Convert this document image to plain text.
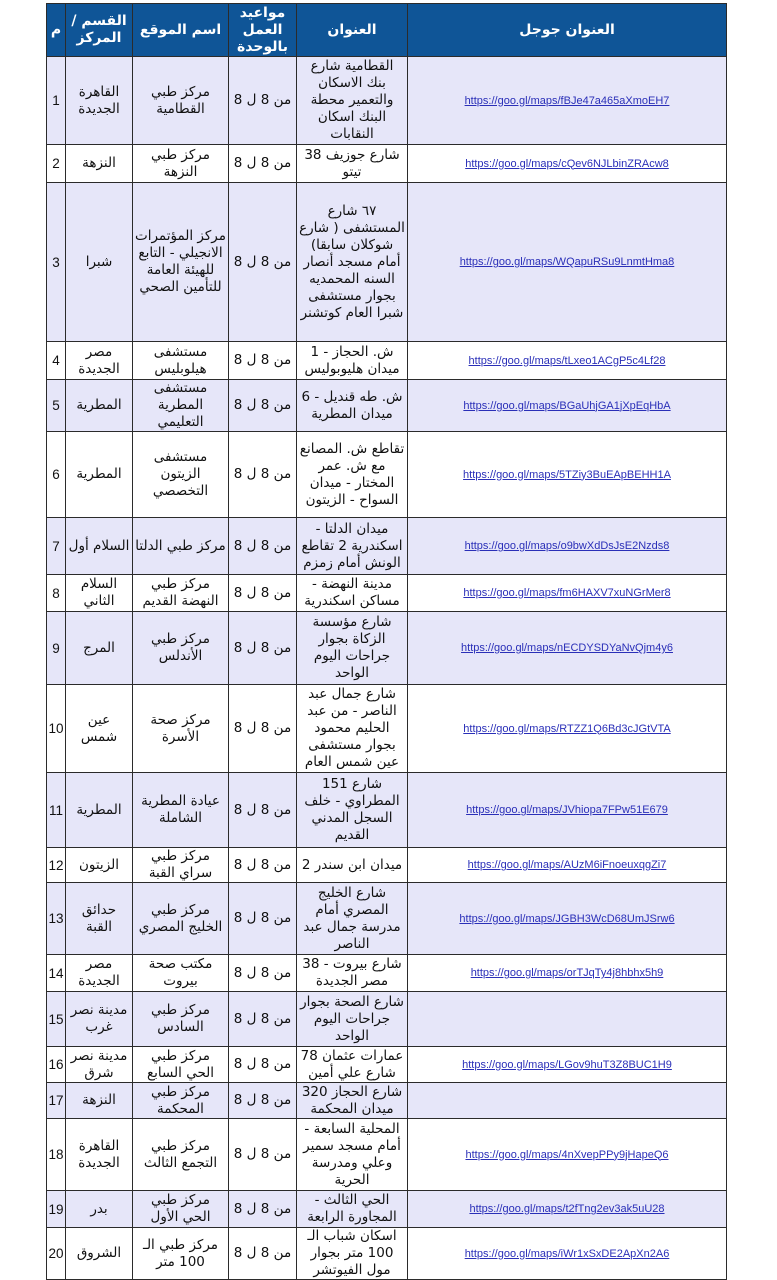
م	القسم / المركز	اسم الموقع	مواعيد العمل بالوحدة	العنوان	العنوان جوجل
1	القاهرة الجديدة	مركز طبي القطامية	من 8 ل 8	القطامية شارع بنك الاسكان والتعمير محطة البنك اسكان النقابات	https://goo.gl/maps/fBJe47a465aXmoEH7
2	النزهة	مركز طبي النزهة	من 8 ل 8	شارع جوزيف 38 تيتو	https://goo.gl/maps/cQev6NJLbinZRAcw8
3	شبرا	مركز المؤتمرات الانجيلي - التابع للهيئة العامة للتأمين الصحي	من 8 ل 8	٦٧ شارع المستشفى ( شارع شوكلان سابقا) أمام مسجد أنصار السنه المحمديه بجوار مستشفى شبرا العام كوتشنر	https://goo.gl/maps/WQapuRSu9LnmtHma8
4	مصر الجديدة	مستشفى هيلوبليس	من 8 ل 8	ش. الحجاز - 1 ميدان هليوبوليس	https://goo.gl/maps/tLxeo1ACgP5c4Lf28
5	المطرية	مستشفى المطرية التعليمي	من 8 ل 8	ش. طه قنديل - 6 ميدان المطرية	https://goo.gl/maps/BGaUhjGA1jXpEqHbA
6	المطرية	مستشفى الزيتون التخصصي	من 8 ل 8	تقاطع ش. المصانع مع ش. عمر المختار - ميدان السواح - الزيتون	https://goo.gl/maps/5TZiy3BuEApBEHH1A
7	السلام أول	مركز طبي الدلتا	من 8 ل 8	ميدان الدلتا - اسكندرية 2 تقاطع الونش أمام زمزم	https://goo.gl/maps/o9bwXdDsJsE2Nzds8
8	السلام الثاني	مركز طبي النهضة القديم	من 8 ل 8	مدينة النهضة - مساكن اسكندرية	https://goo.gl/maps/fm6HAXV7xuNGrMer8
9	المرج	مركز طبي الأندلس	من 8 ل 8	شارع مؤسسة الزكاة بجوار جراحات اليوم الواحد	https://goo.gl/maps/nECDYSDYaNvQjm4y6
10	عين شمس	مركز صحة الأسرة	من 8 ل 8	شارع جمال عبد الناصر - من عبد الحليم محمود بجوار مستشفى عين شمس العام	https://goo.gl/maps/RTZZ1Q6Bd3cJGtVTA
11	المطرية	عيادة المطرية الشاملة	من 8 ل 8	شارع 151 المطراوي - خلف السجل المدني القديم	https://goo.gl/maps/JVhiopa7FPw51E679
12	الزيتون	مركز طبي سراي القبة	من 8 ل 8	ميدان ابن سندر 2	https://goo.gl/maps/AUzM6iFnoeuxqgZi7
13	حدائق القبة	مركز طبي الخليج المصري	من 8 ل 8	شارع الخليج المصري أمام مدرسة جمال عبد الناصر	https://goo.gl/maps/JGBH3WcD68UmJSrw6
14	مصر الجديدة	مكتب صحة بيروت	من 8 ل 8	شارع بيروت - 38 مصر الجديدة	https://goo.gl/maps/orTJqTy4j8hbhx5h9
15	مدينة نصر غرب	مركز طبي السادس	من 8 ل 8	شارع الصحة بجوار جراحات اليوم الواحد	
16	مدينة نصر شرق	مركز طبي الحي السابع	من 8 ل 8	عمارات عثمان 78 شارع علي أمين	https://goo.gl/maps/LGov9huT3Z8BUC1H9
17	النزهة	مركز طبي المحكمة	من 8 ل 8	شارع الحجاز 320 ميدان المحكمة	
18	القاهرة الجديدة	مركز طبي التجمع الثالث	من 8 ل 8	المحلية السابعة - أمام مسجد سمير وعلي ومدرسة الحرية	https://goo.gl/maps/4nXvepPPy9jHapeQ6
19	بدر	مركز طبي الحي الأول	من 8 ل 8	الحي الثالث - المجاورة الرابعة	https://goo.gl/maps/t2fTng2ev3ak5uU28
20	الشروق	مركز طبي الـ 100 متر	من 8 ل 8	اسكان شباب الـ 100 متر بجوار مول الفيوتشر	https://goo.gl/maps/iWr1xSxDE2ApXn2A6
